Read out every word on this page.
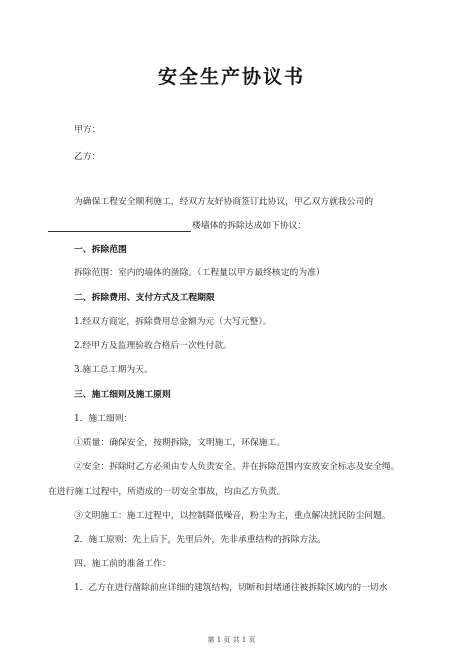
安全生产协议书
甲方：
乙方：
为确保工程安全顺利施工，经双方友好协商签订此协议，甲乙双方就我公司的
楼墙体的拆除达成如下协议：
一、拆除范围
拆除范围：室内的墙体的凿除。（工程量以甲方最终核定的为准）
二、拆除费用、支付方式及工程期限
1.经双方商定，拆除费用总金额为元（大写元整）。
2.经甲方及监理验收合格后一次性付款。
3.施工总工期为天。
三、施工细则及施工原则
1．施工细则：
①质量：确保安全，按期拆除，文明施工，环保施工。
②安全：拆除时乙方必须由专人负责安全。并在拆除范围内安放安全标志及安全绳。
在进行施工过程中，所造成的一切安全事故，均由乙方负责。
③文明施工：施工过程中，以控制降低噪音，粉尘为主，重点解决扰民防尘问题。
2．施工原则：先上后下，先里后外，先非承重结构的拆除方法。
四、施工前的准备工作：
1．乙方在进行凿除前应详细的建筑结构，切断和封堵通往被拆除区域内的一切水
第 1 页 共 1 页
